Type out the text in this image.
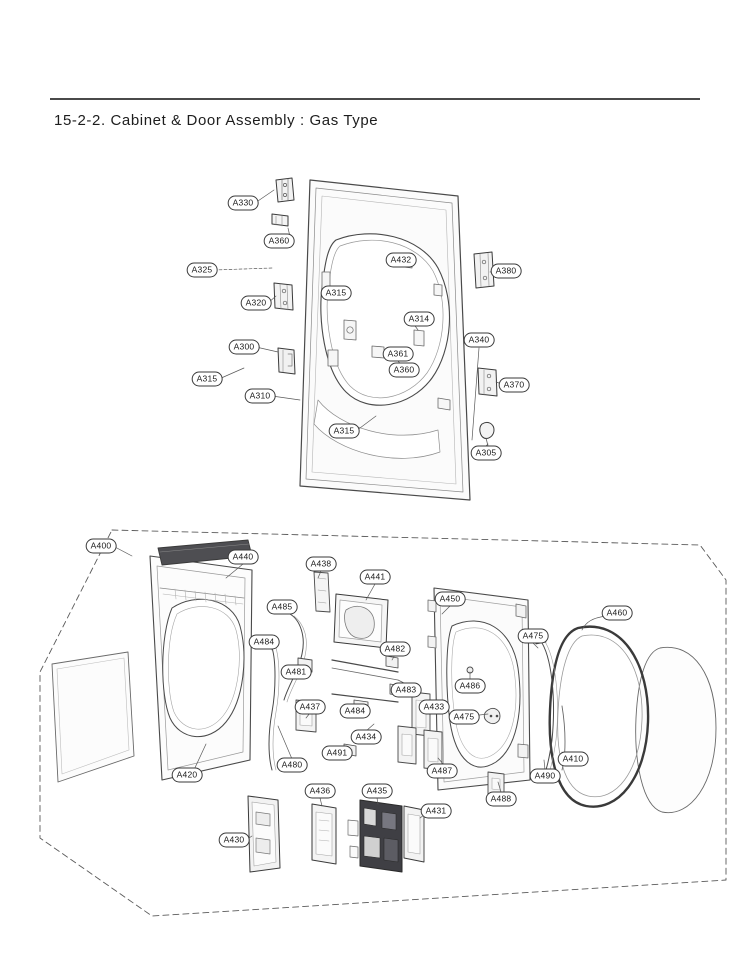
15-2-2. Cabinet & Door Assembly : Gas Type
A330
A360
A325
A432
A380
A315
A320
A314
A340
A300
A361
A370
A315
A360
A310
A305
A315
A400
A440
A438
A441
A450
A460
A485
A484
A475
A481
A482
A483	A486
A437	A484	A433
A475
A434
A491
A410
A480
A487	A490
A420
A436	A435
A431
A488
A430
